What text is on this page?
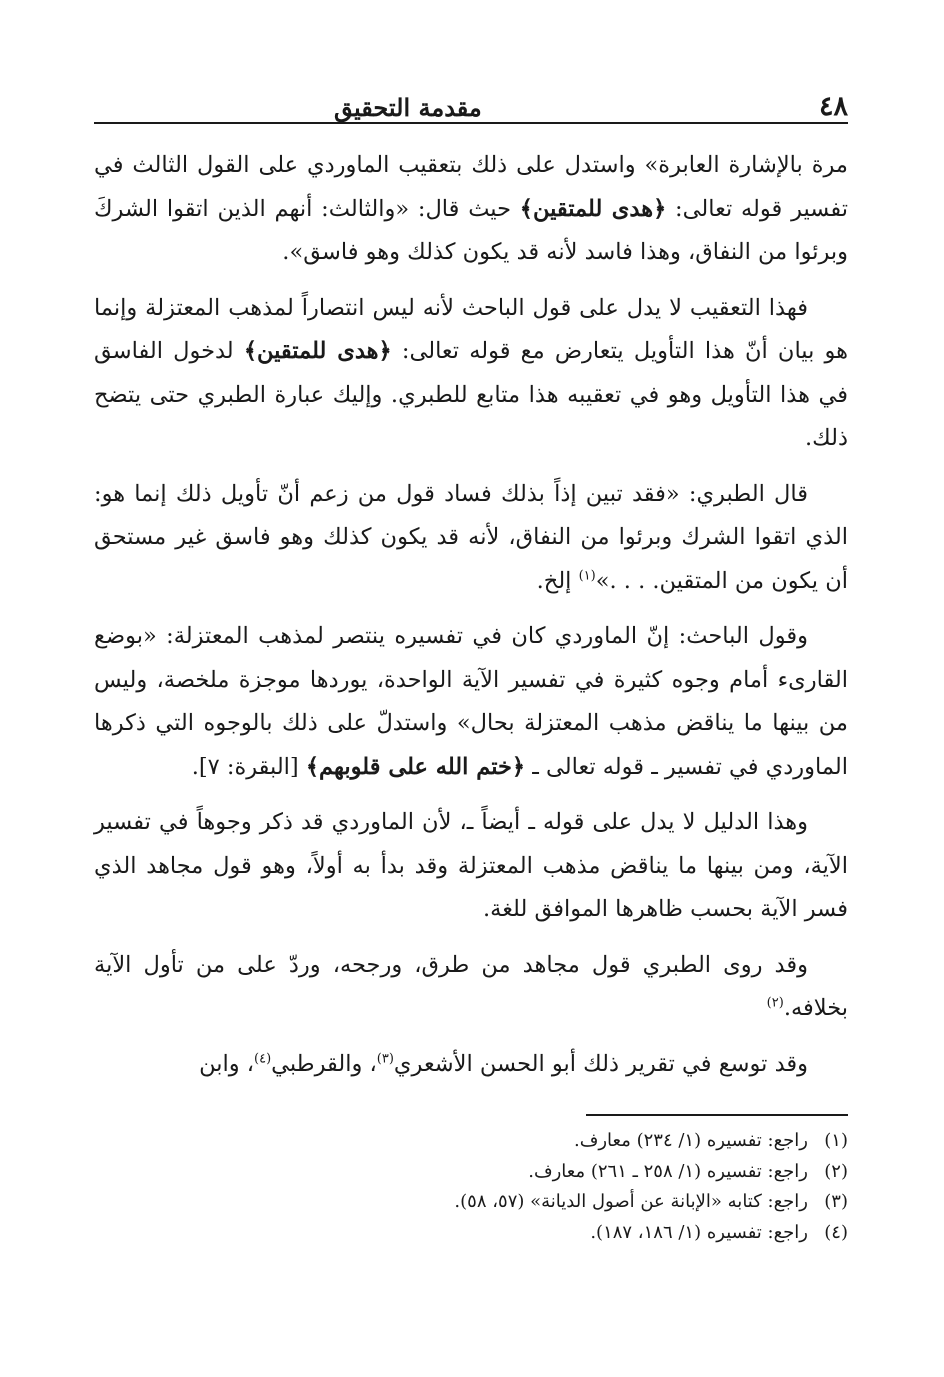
٤٨
مقدمة التحقيق

مرة بالإشارة العابرة» واستدل على ذلك بتعقيب الماوردي على القول الثالث في تفسير قوله تعالى: ﴿هدى للمتقين﴾ حيث قال: «والثالث: أنهم الذين اتقوا الشركَ وبرئوا من النفاق، وهذا فاسد لأنه قد يكون كذلك وهو فاسق».

فهذا التعقيب لا يدل على قول الباحث لأنه ليس انتصاراً لمذهب المعتزلة وإنما هو بيان أنّ هذا التأويل يتعارض مع قوله تعالى: ﴿هدى للمتقين﴾ لدخول الفاسق في هذا التأويل وهو في تعقيبه هذا متابع للطبري. وإليك عبارة الطبري حتى يتضح ذلك.

قال الطبري: «فقد تبين إذاً بذلك فساد قول من زعم أنّ تأويل ذلك إنما هو: الذي اتقوا الشرك وبرئوا من النفاق، لأنه قد يكون كذلك وهو فاسق غير مستحق أن يكون من المتقين. . . .»$^{(١)}$ إلخ.

وقول الباحث: إنّ الماوردي كان في تفسيره ينتصر لمذهب المعتزلة: «بوضع القارىء أمام وجوه كثيرة في تفسير الآية الواحدة، يوردها موجزة ملخصة، وليس من بينها ما يناقض مذهب المعتزلة بحال» واستدلّ على ذلك بالوجوه التي ذكرها الماوردي في تفسير ـ قوله تعالى ـ ﴿ختم الله على قلوبهم﴾ [البقرة: ٧].

وهذا الدليل لا يدل على قوله ـ أيضاً ـ، لأن الماوردي قد ذكر وجوهاً في تفسير الآية، ومن بينها ما يناقض مذهب المعتزلة وقد بدأ به أولاً، وهو قول مجاهد الذي فسر الآية بحسب ظاهرها الموافق للغة.

وقد روى الطبري قول مجاهد من طرق، ورجحه، وردّ على من تأول الآية بخلافه.$^{(٢)}$

وقد توسع في تقرير ذلك أبو الحسن الأشعري$^{(٣)}$، والقرطبي$^{(٤)}$، وابن

(١)
راجع: تفسيره (١/ ٢٣٤) معارف.
(٢)
راجع: تفسيره (١/ ٢٥٨ ـ ٢٦١) معارف.
(٣)
راجع: كتابه «الإبانة عن أصول الديانة» (٥٧، ٥٨).
(٤)
راجع: تفسيره (١/ ١٨٦، ١٨٧).
